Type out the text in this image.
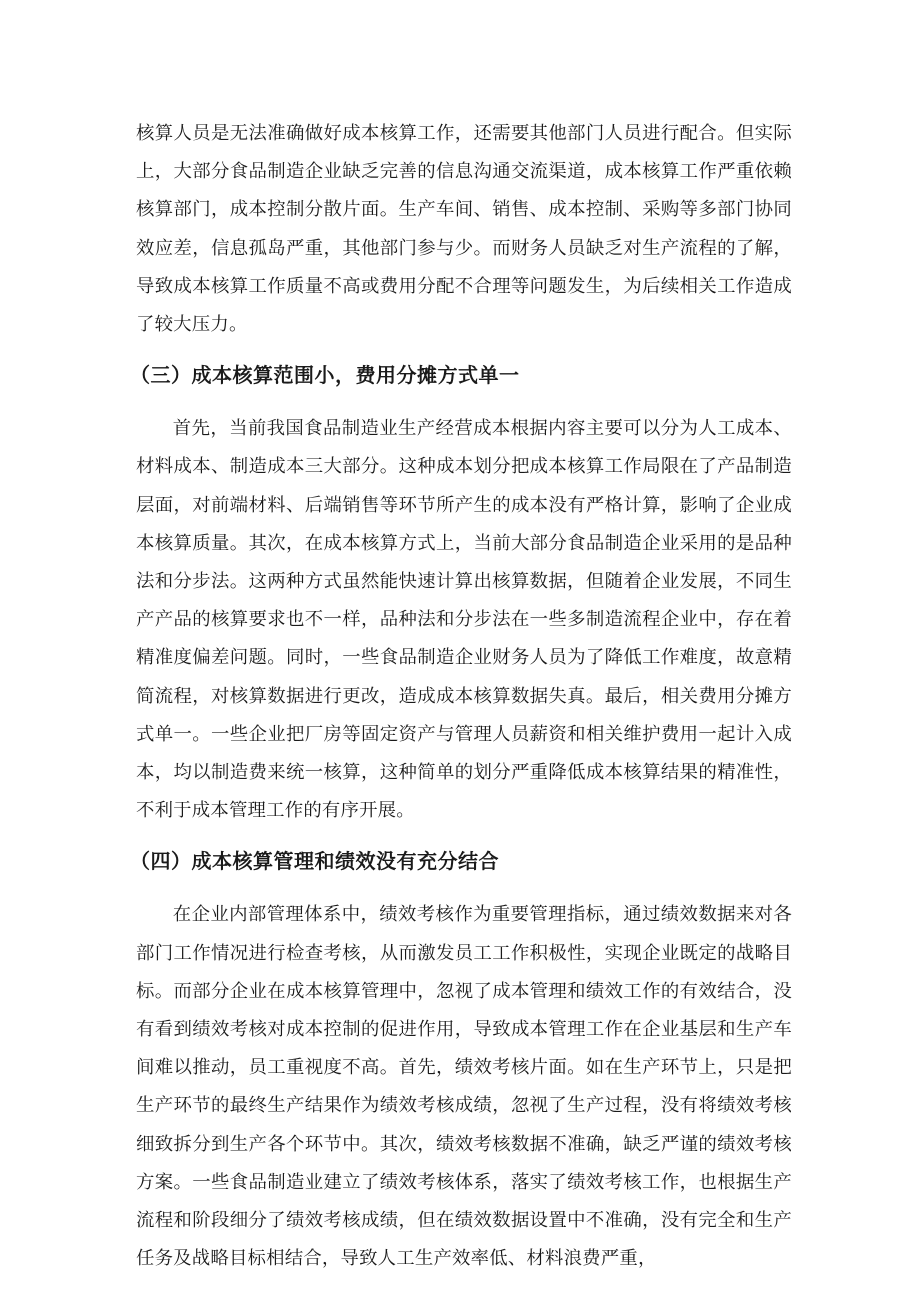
核算人员是无法准确做好成本核算工作，还需要其他部门人员进行配合。但实际上，大部分食品制造企业缺乏完善的信息沟通交流渠道，成本核算工作严重依赖核算部门，成本控制分散片面。生产车间、销售、成本控制、采购等多部门协同效应差，信息孤岛严重，其他部门参与少。而财务人员缺乏对生产流程的了解，导致成本核算工作质量不高或费用分配不合理等问题发生，为后续相关工作造成了较大压力。

（三）成本核算范围小，费用分摊方式单一

首先，当前我国食品制造业生产经营成本根据内容主要可以分为人工成本、材料成本、制造成本三大部分。这种成本划分把成本核算工作局限在了产品制造层面，对前端材料、后端销售等环节所产生的成本没有严格计算，影响了企业成本核算质量。其次，在成本核算方式上，当前大部分食品制造企业采用的是品种法和分步法。这两种方式虽然能快速计算出核算数据，但随着企业发展，不同生产产品的核算要求也不一样，品种法和分步法在一些多制造流程企业中，存在着精准度偏差问题。同时，一些食品制造企业财务人员为了降低工作难度，故意精简流程，对核算数据进行更改，造成成本核算数据失真。最后，相关费用分摊方式单一。一些企业把厂房等固定资产与管理人员薪资和相关维护费用一起计入成本，均以制造费来统一核算，这种简单的划分严重降低成本核算结果的精准性，不利于成本管理工作的有序开展。

（四）成本核算管理和绩效没有充分结合

在企业内部管理体系中，绩效考核作为重要管理指标，通过绩效数据来对各部门工作情况进行检查考核，从而激发员工工作积极性，实现企业既定的战略目标。而部分企业在成本核算管理中，忽视了成本管理和绩效工作的有效结合，没有看到绩效考核对成本控制的促进作用，导致成本管理工作在企业基层和生产车间难以推动，员工重视度不高。首先，绩效考核片面。如在生产环节上，只是把生产环节的最终生产结果作为绩效考核成绩，忽视了生产过程，没有将绩效考核细致拆分到生产各个环节中。其次，绩效考核数据不准确，缺乏严谨的绩效考核方案。一些食品制造业建立了绩效考核体系，落实了绩效考核工作，也根据生产流程和阶段细分了绩效考核成绩，但在绩效数据设置中不准确，没有完全和生产任务及战略目标相结合，导致人工生产效率低、材料浪费严重，
